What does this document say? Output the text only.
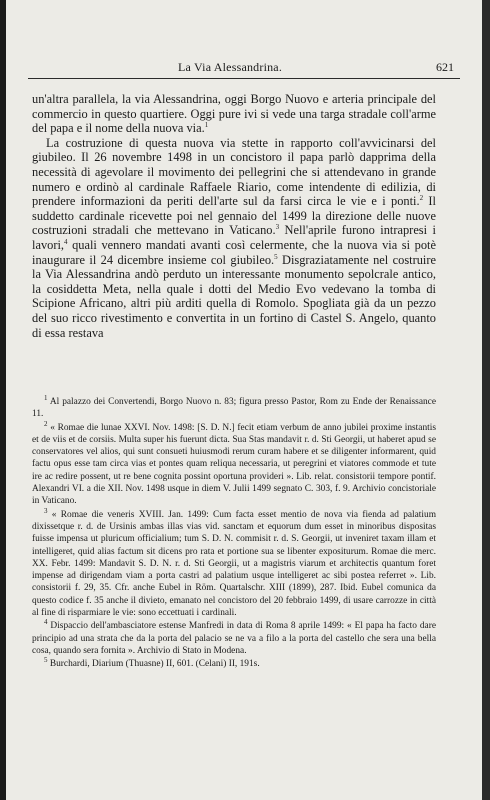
La Via Alessandrina.	621

un'altra parallela, la via Alessandrina, oggi Borgo Nuovo e arteria principale del commercio in questo quartiere. Oggi pure ivi si vede una targa stradale coll'arme del papa e il nome della nuova via.$^1$

La costruzione di questa nuova via stette in rapporto coll'avvicinarsi del giubileo. Il 26 novembre 1498 in un concistoro il papa parlò dapprima della necessità di agevolare il movimento dei pellegrini che si attendevano in grande numero e ordinò al cardinale Raffaele Riario, come intendente di edilizia, di prendere informazioni da periti dell'arte sul da farsi circa le vie e i ponti.$^2$ Il suddetto cardinale ricevette poi nel gennaio del 1499 la direzione delle nuove costruzioni stradali che mettevano in Vaticano.$^3$ Nell'aprile furono intrapresi i lavori,$^4$ quali vennero mandati avanti così celermente, che la nuova via si potè inaugurare il 24 dicembre insieme col giubileo.$^5$ Disgraziatamente nel costruire la Via Alessandrina andò perduto un interessante monumento sepolcrale antico, la cosiddetta Meta, nella quale i dotti del Medio Evo vedevano la tomba di Scipione Africano, altri più arditi quella di Romolo. Spogliata già da un pezzo del suo ricco rivestimento e convertita in un fortino di Castel S. Angelo, quanto di essa restava

$^1$ Al palazzo dei Convertendi, Borgo Nuovo n. 83; figura presso Pastor, Rom zu Ende der Renaissance 11.

$^2$ « Romae die lunae XXVI. Nov. 1498: [S. D. N.] fecit etiam verbum de anno jubilei proxime instantis et de viis et de corsiis. Multa super his fuerunt dicta. Sua Stas mandavit r. d. Sti Georgii, ut haberet apud se conservatores vel alios, qui sunt consueti huiusmodi rerum curam habere et se diligenter informarent, quid factu opus esse tam circa vias et pontes quam reliqua necessaria, ut peregrini et viatores commode et tute ire ac redire possent, ut re bene cognita possint oportuna provideri ». Lib. relat. consistorii tempore pontif. Alexandri VI. a die XII. Nov. 1498 usque in diem V. Julii 1499 segnato C. 303, f. 9. Archivio concistoriale in Vaticano.

$^3$ « Romae die veneris XVIII. Jan. 1499: Cum facta esset mentio de nova via fienda ad palatium dixissetque r. d. de Ursinis ambas illas vias vid. sanctam et equorum dum esset in minoribus dispositas fuisse impensa ut pluricum officialium; tum S. D. N. commisit r. d. S. Georgii, ut inveniret taxam illam et intelligeret, quid alias factum sit dicens pro rata et portione sua se libenter expositurum. Romae die merc. XX. Febr. 1499: Mandavit S. D. N. r. d. Sti Georgii, ut a magistris viarum et architectis quantum foret impense ad dirigendam viam a porta castri ad palatium usque intelligeret ac sibi postea referret ». Lib. consistorii f. 29, 35. Cfr. anche Eubel in Röm. Quartalschr. XIII (1899), 287. Ibid. Eubel comunica da questo codice f. 35 anche il divieto, emanato nel concistoro del 20 febbraio 1499, di usare carrozze in città al fine di risparmiare le vie: sono eccettuati i cardinali.

$^4$ Dispaccio dell'ambasciatore estense Manfredi in data di Roma 8 aprile 1499: « El papa ha facto dare principio ad una strata che da la porta del palacio se ne va a filo a la porta del castello che sera una bella cosa, quando sera fornita ». Archivio di Stato in Modena.

$^5$ Burchardi, Diarium (Thuasne) II, 601. (Celani) II, 191s.
